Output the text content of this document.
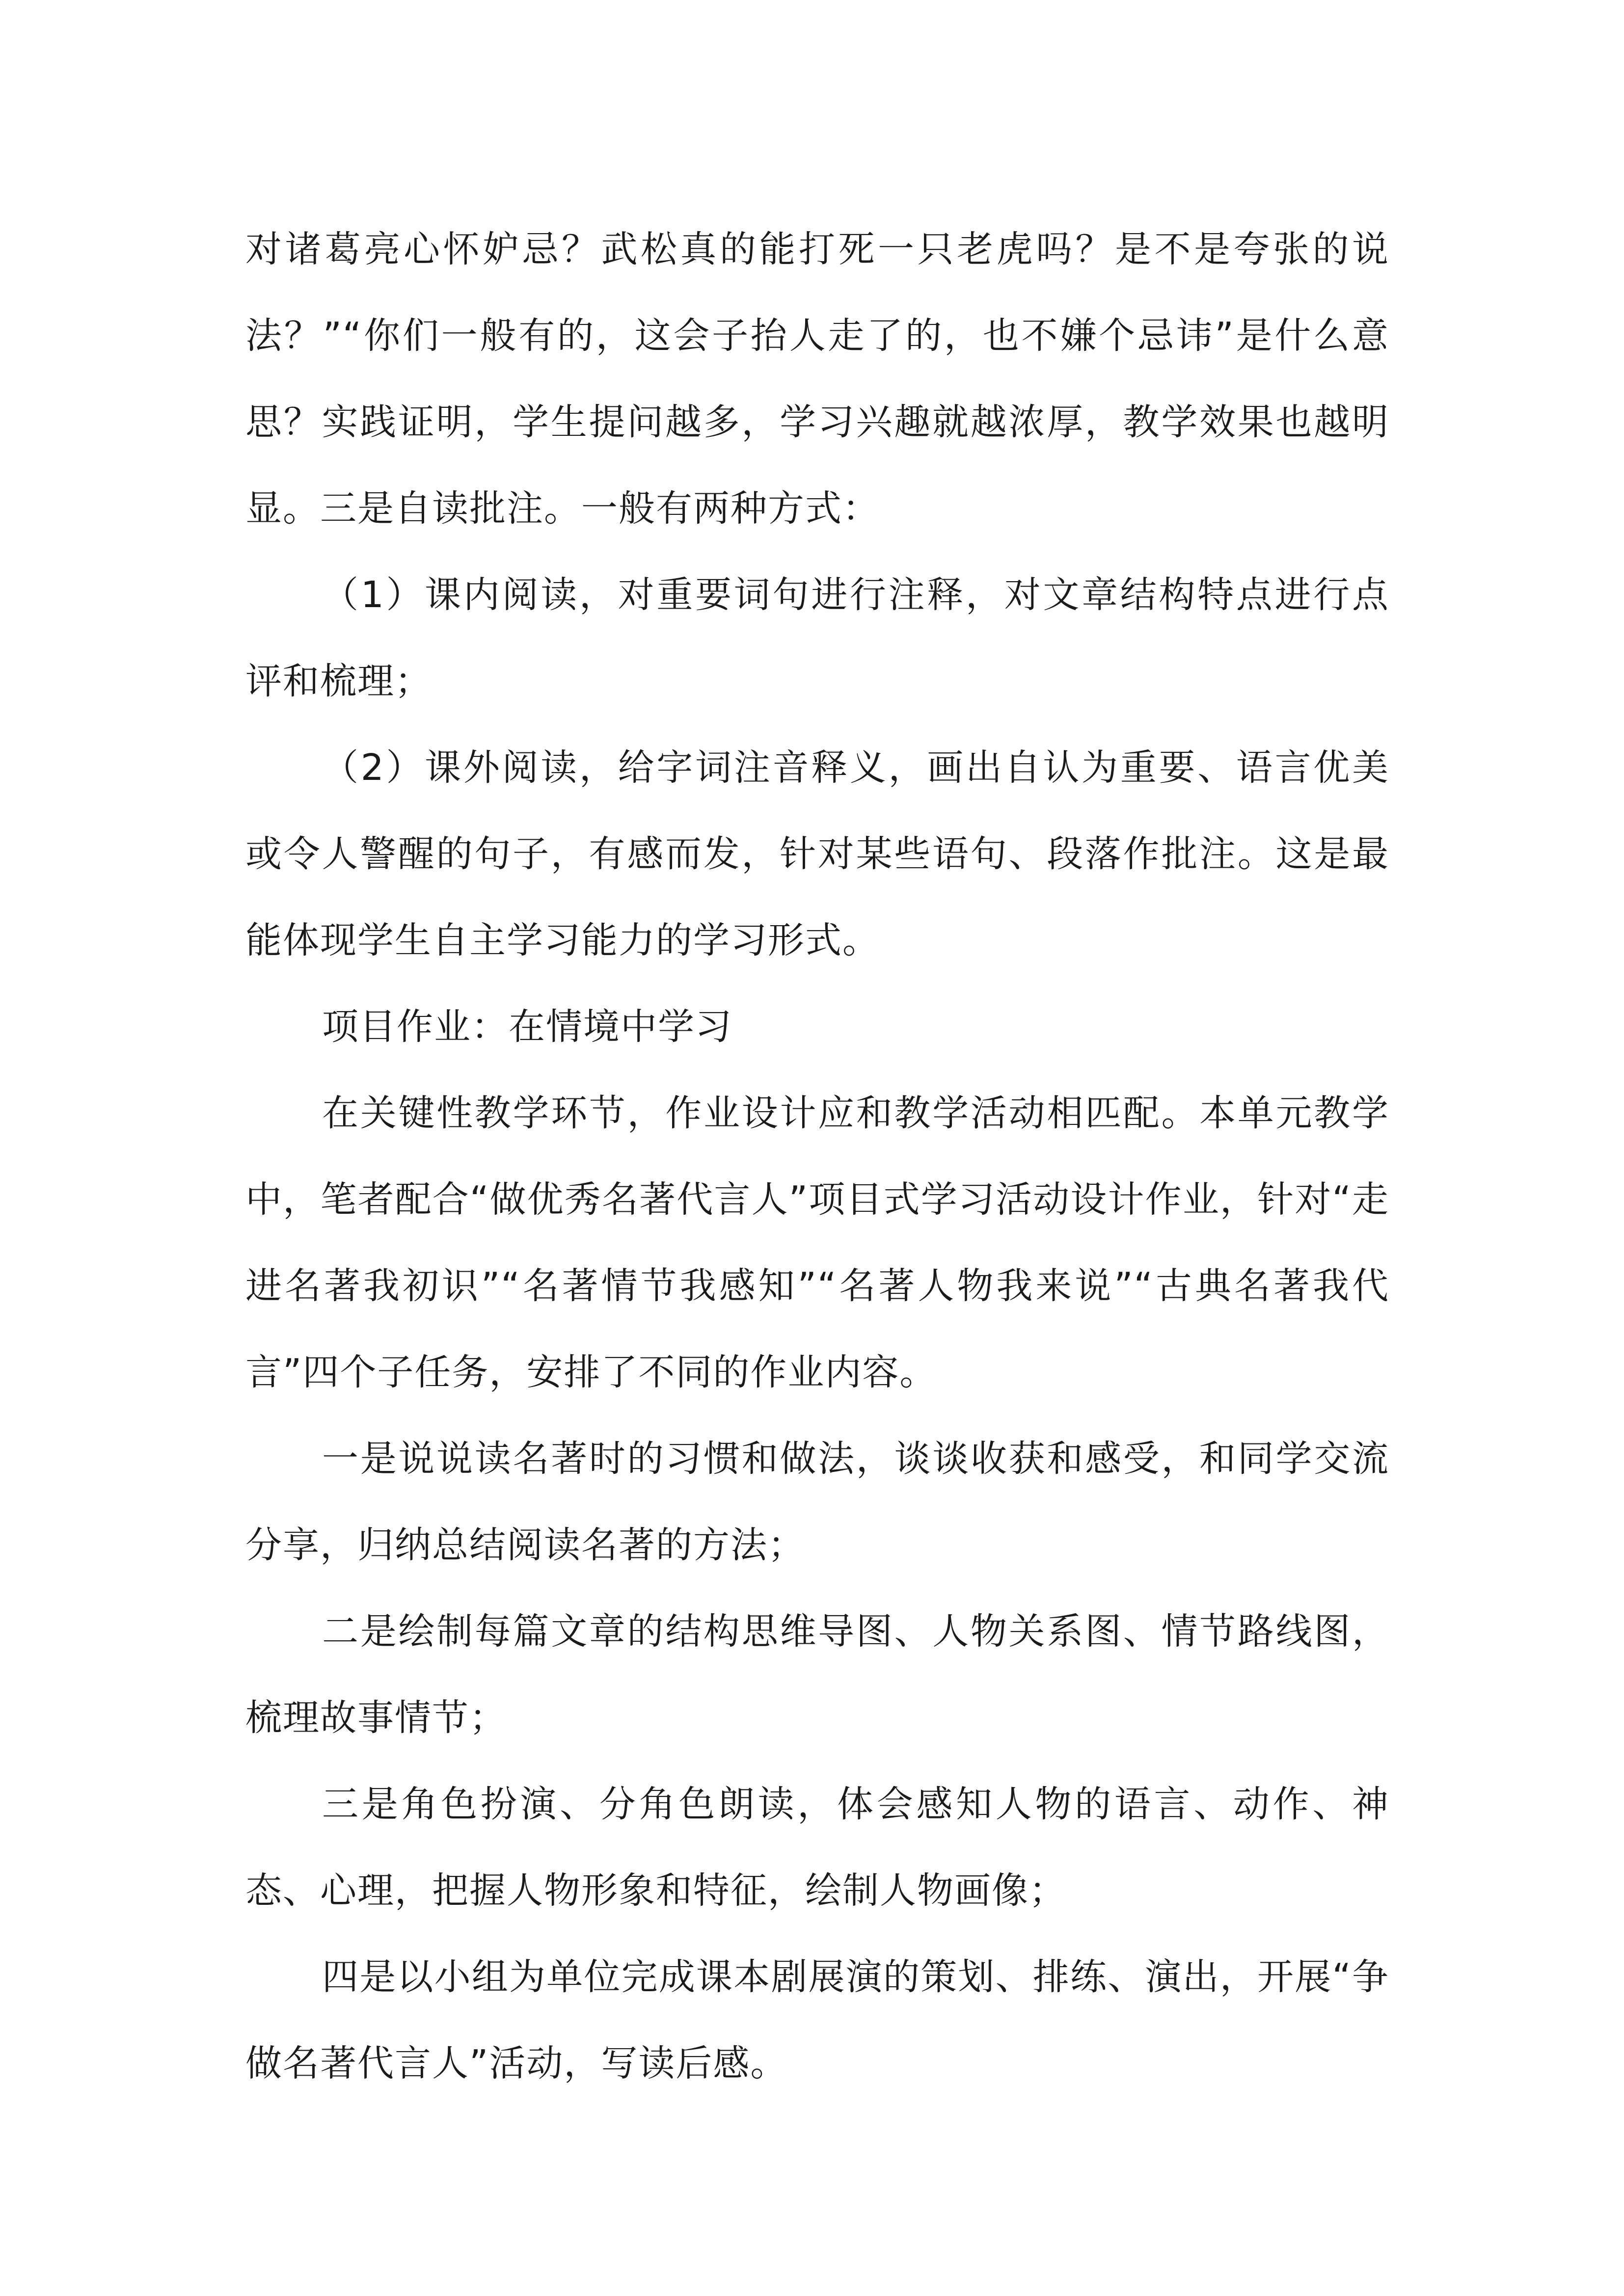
对诸葛亮心怀妒忌？武松真的能打死一只老虎吗？是不是夸张的说法？”“你们一般有的，这会子抬人走了的，也不嫌个忌讳”是什么意思？实践证明，学生提问越多，学习兴趣就越浓厚，教学效果也越明显。三是自读批注。一般有两种方式：

（1）课内阅读，对重要词句进行注释，对文章结构特点进行点评和梳理；

（2）课外阅读，给字词注音释义，画出自认为重要、语言优美或令人警醒的句子，有感而发，针对某些语句、段落作批注。这是最能体现学生自主学习能力的学习形式。

项目作业：在情境中学习

在关键性教学环节，作业设计应和教学活动相匹配。本单元教学中，笔者配合“做优秀名著代言人”项目式学习活动设计作业，针对“走进名著我初识”“名著情节我感知”“名著人物我来说”“古典名著我代言”四个子任务，安排了不同的作业内容。

一是说说读名著时的习惯和做法，谈谈收获和感受，和同学交流分享，归纳总结阅读名著的方法；

二是绘制每篇文章的结构思维导图、人物关系图、情节路线图，梳理故事情节；

三是角色扮演、分角色朗读，体会感知人物的语言、动作、神态、心理，把握人物形象和特征，绘制人物画像；

四是以小组为单位完成课本剧展演的策划、排练、演出，开展“争做名著代言人”活动，写读后感。
